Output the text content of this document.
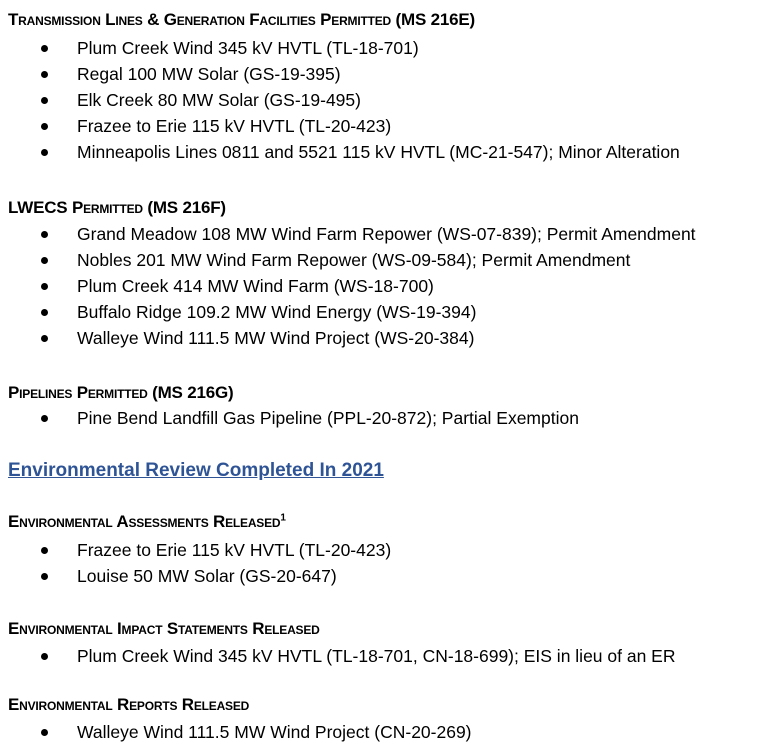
Transmission Lines & Generation Facilities Permitted (MS 216E)
Plum Creek Wind 345 kV HVTL (TL-18-701)
Regal 100 MW Solar (GS-19-395)
Elk Creek 80 MW Solar (GS-19-495)
Frazee to Erie 115 kV HVTL (TL-20-423)
Minneapolis Lines 0811 and 5521 115 kV HVTL (MC-21-547); Minor Alteration
LWECS Permitted (MS 216F)
Grand Meadow 108 MW Wind Farm Repower (WS-07-839); Permit Amendment
Nobles 201 MW Wind Farm Repower (WS-09-584); Permit Amendment
Plum Creek 414 MW Wind Farm (WS-18-700)
Buffalo Ridge 109.2 MW Wind Energy (WS-19-394)
Walleye Wind 111.5 MW Wind Project (WS-20-384)
Pipelines Permitted (MS 216G)
Pine Bend Landfill Gas Pipeline (PPL-20-872); Partial Exemption
Environmental Review Completed In 2021
Environmental Assessments Released$^1$
Frazee to Erie 115 kV HVTL (TL-20-423)
Louise 50 MW Solar (GS-20-647)
Environmental Impact Statements Released
Plum Creek Wind 345 kV HVTL (TL-18-701, CN-18-699); EIS in lieu of an ER
Environmental Reports Released
Walleye Wind 111.5 MW Wind Project (CN-20-269)
